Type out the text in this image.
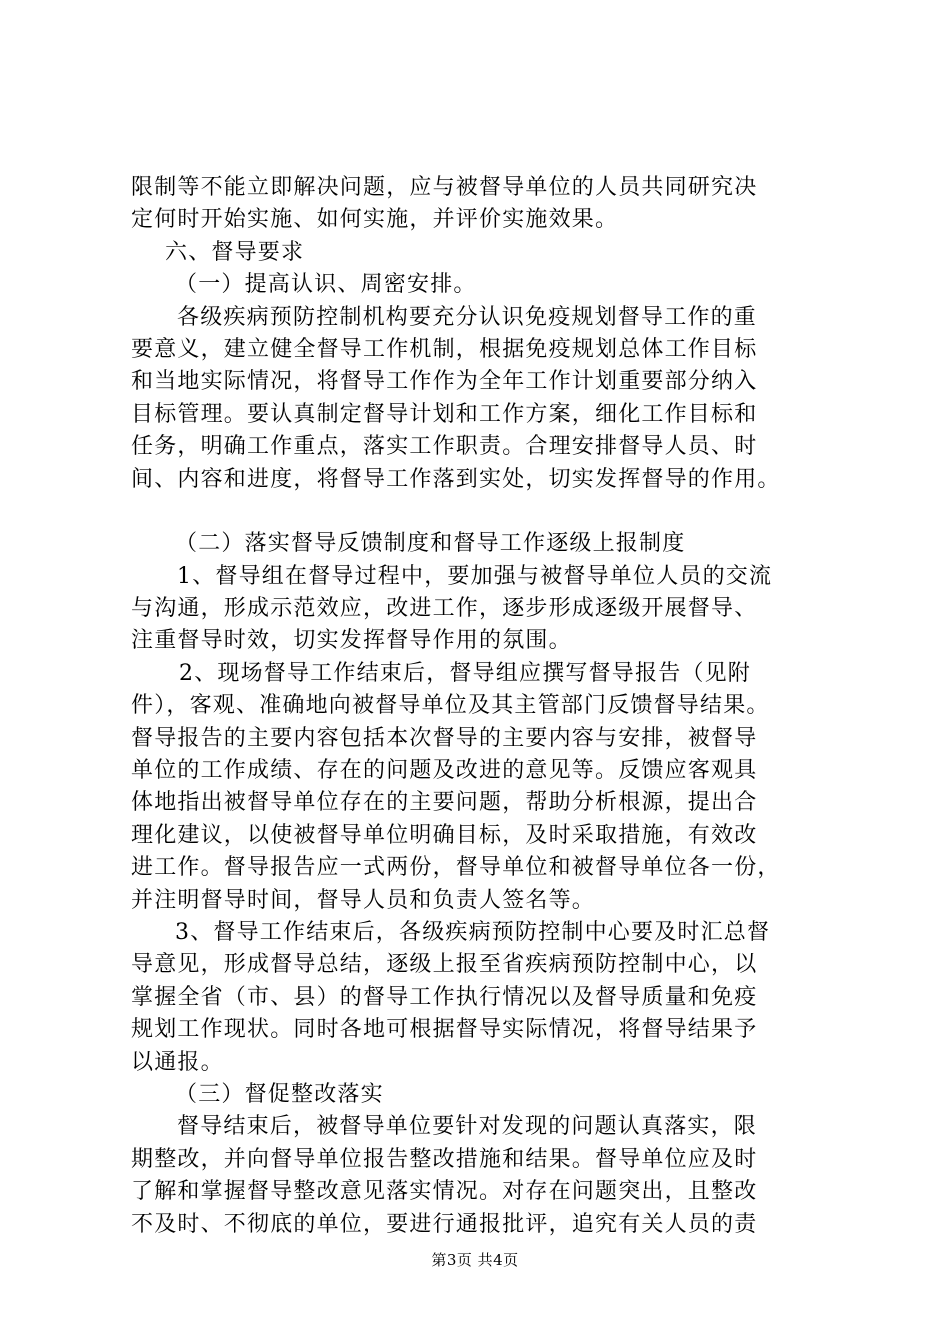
限制等不能立即解决问题，应与被督导单位的人员共同研究决
定何时开始实施、如何实施，并评价实施效果。
六、督导要求
（一）提高认识、周密安排。
各级疾病预防控制机构要充分认识免疫规划督导工作的重
要意义，建立健全督导工作机制，根据免疫规划总体工作目标
和当地实际情况，将督导工作作为全年工作计划重要部分纳入
目标管理。要认真制定督导计划和工作方案，细化工作目标和
任务，明确工作重点，落实工作职责。合理安排督导人员、时
间、内容和进度，将督导工作落到实处，切实发挥督导的作用。
（二）落实督导反馈制度和督导工作逐级上报制度
1、督导组在督导过程中，要加强与被督导单位人员的交流
与沟通，形成示范效应，改进工作，逐步形成逐级开展督导、
注重督导时效，切实发挥督导作用的氛围。
2、现场督导工作结束后，督导组应撰写督导报告（见附
件），客观、准确地向被督导单位及其主管部门反馈督导结果。
督导报告的主要内容包括本次督导的主要内容与安排，被督导
单位的工作成绩、存在的问题及改进的意见等。反馈应客观具
体地指出被督导单位存在的主要问题，帮助分析根源，提出合
理化建议，以使被督导单位明确目标，及时采取措施，有效改
进工作。督导报告应一式两份，督导单位和被督导单位各一份，
并注明督导时间，督导人员和负责人签名等。
3、督导工作结束后，各级疾病预防控制中心要及时汇总督
导意见，形成督导总结，逐级上报至省疾病预防控制中心，以
掌握全省（市、县）的督导工作执行情况以及督导质量和免疫
规划工作现状。同时各地可根据督导实际情况，将督导结果予
以通报。
（三）督促整改落实
督导结束后，被督导单位要针对发现的问题认真落实，限
期整改，并向督导单位报告整改措施和结果。督导单位应及时
了解和掌握督导整改意见落实情况。对存在问题突出，且整改
不及时、不彻底的单位，要进行通报批评，追究有关人员的责
第3页 共4页
